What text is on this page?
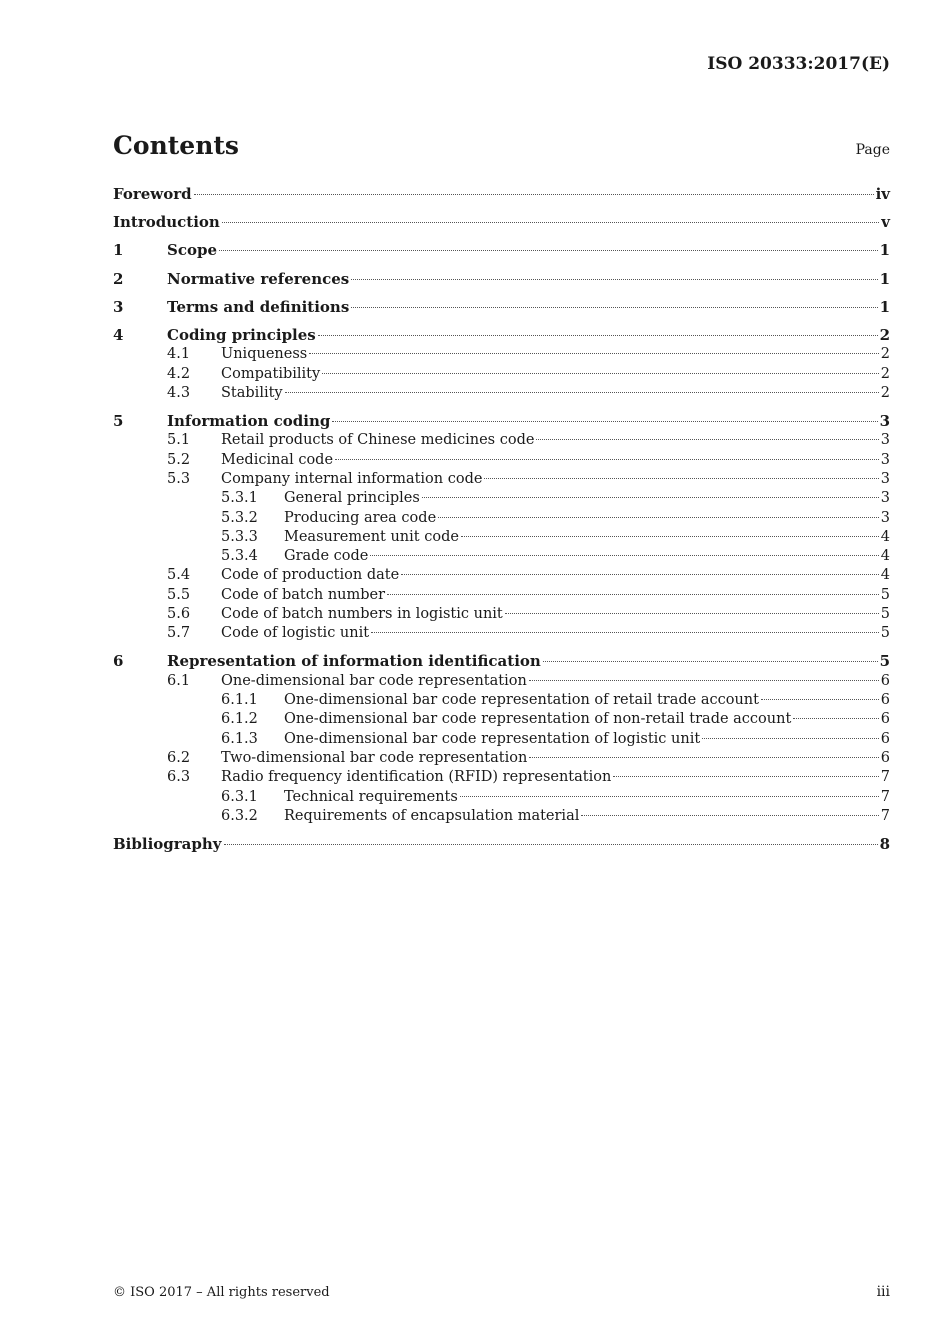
ISO 20333:2017(E)
Contents	Page
Foreword	iv
Introduction	v
1	Scope	1
2	Normative references	1
3	Terms and definitions	1
4	Coding principles	2
4.1	Uniqueness	2
4.2	Compatibility	2
4.3	Stability	2
5	Information coding	3
5.1	Retail products of Chinese medicines code	3
5.2	Medicinal code	3
5.3	Company internal information code	3
5.3.1	General principles	3
5.3.2	Producing area code	3
5.3.3	Measurement unit code	4
5.3.4	Grade code	4
5.4	Code of production date	4
5.5	Code of batch number	5
5.6	Code of batch numbers in logistic unit	5
5.7	Code of logistic unit	5
6	Representation of information identification	5
6.1	One-dimensional bar code representation	6
6.1.1	One-dimensional bar code representation of retail trade account	6
6.1.2	One-dimensional bar code representation of non-retail trade account	6
6.1.3	One-dimensional bar code representation of logistic unit	6
6.2	Two-dimensional bar code representation	6
6.3	Radio frequency identification (RFID) representation	7
6.3.1	Technical requirements	7
6.3.2	Requirements of encapsulation material	7
Bibliography	8
© ISO 2017 – All rights reserved	iii
